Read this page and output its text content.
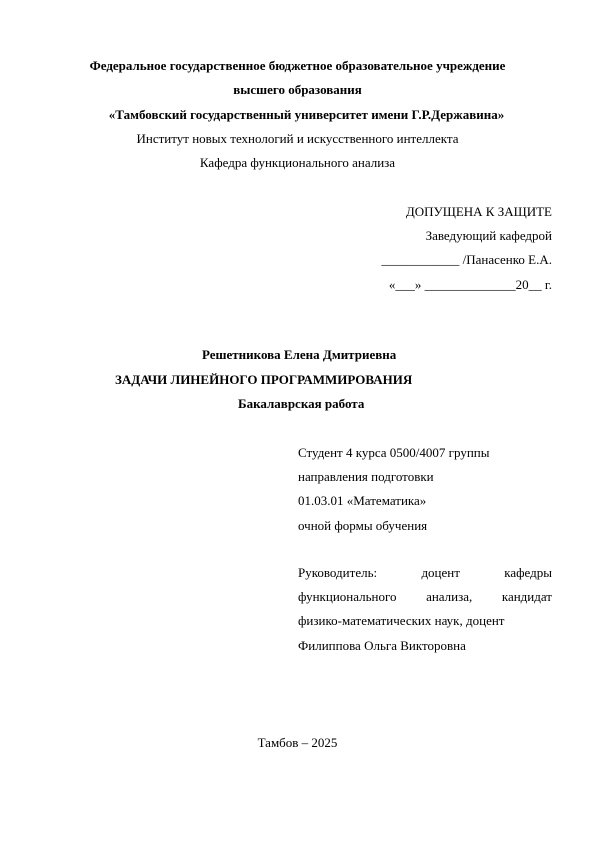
Федеральное государственное бюджетное образовательное учреждение
высшего образования
«Тамбовский государственный университет имени Г.Р.Державина»
Институт новых технологий и искусственного интеллекта
Кафедра функционального анализа
ДОПУЩЕНА К ЗАЩИТЕ
Заведующий кафедрой
____________ /Панасенко Е.А.
«___» ______________20__ г.
Решетникова Елена Дмитриевна
ЗАДАЧИ ЛИНЕЙНОГО ПРОГРАММИРОВАНИЯ
Бакалаврская работа
Студент 4 курса 0500/4007 группы
направления подготовки
01.03.01 «Математика»
очной формы обучения
Руководитель:	доцент	кафедры
функционального анализа, кандидат
физико-математических наук, доцент
Филиппова Ольга Викторовна
Тамбов – 2025
